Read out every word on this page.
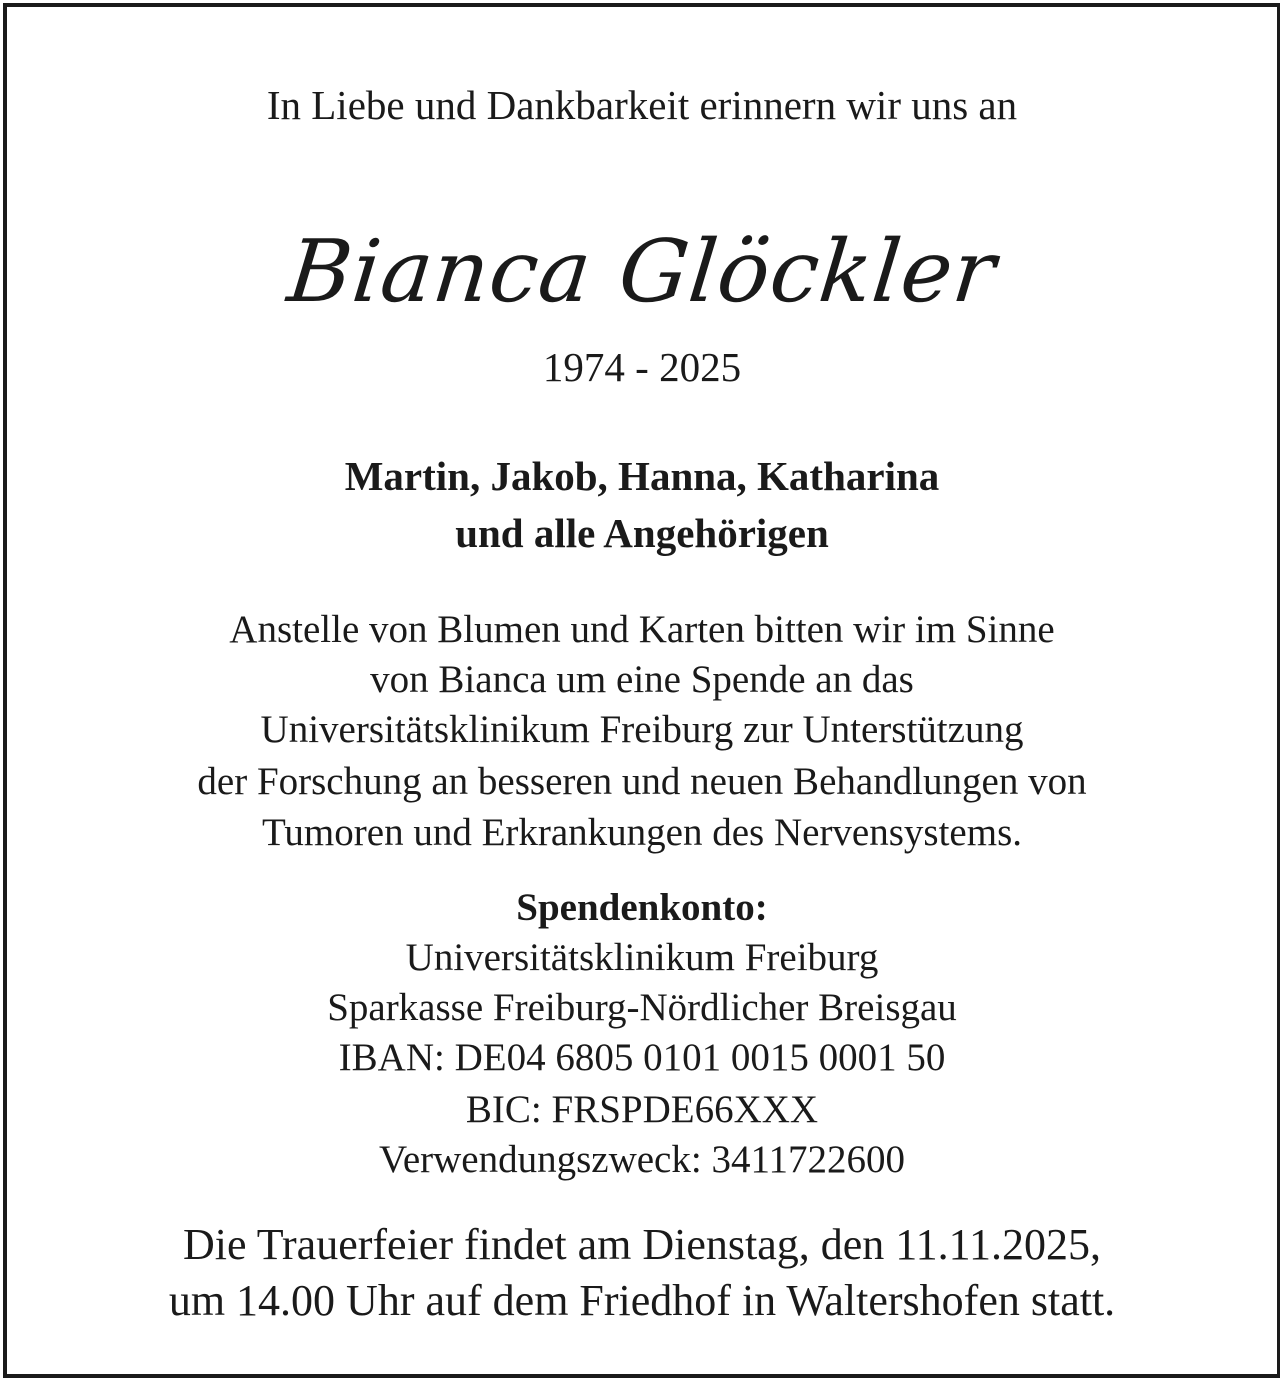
In Liebe und Dankbarkeit erinnern wir uns an

Bianca Glöckler

1974 - 2025

Martin, Jakob, Hanna, Katharina

und alle Angehörigen

Anstelle von Blumen und Karten bitten wir im Sinne

von Bianca um eine Spende an das

Universitätsklinikum Freiburg zur Unterstützung

der Forschung an besseren und neuen Behandlungen von

Tumoren und Erkrankungen des Nervensystems.

Spendenkonto:

Universitätsklinikum Freiburg

Sparkasse Freiburg-Nördlicher Breisgau

IBAN: DE04 6805 0101 0015 0001 50

BIC: FRSPDE66XXX

Verwendungszweck: 3411722600

Die Trauerfeier findet am Dienstag, den 11.11.2025,

um 14.00 Uhr auf dem Friedhof in Waltershofen statt.
